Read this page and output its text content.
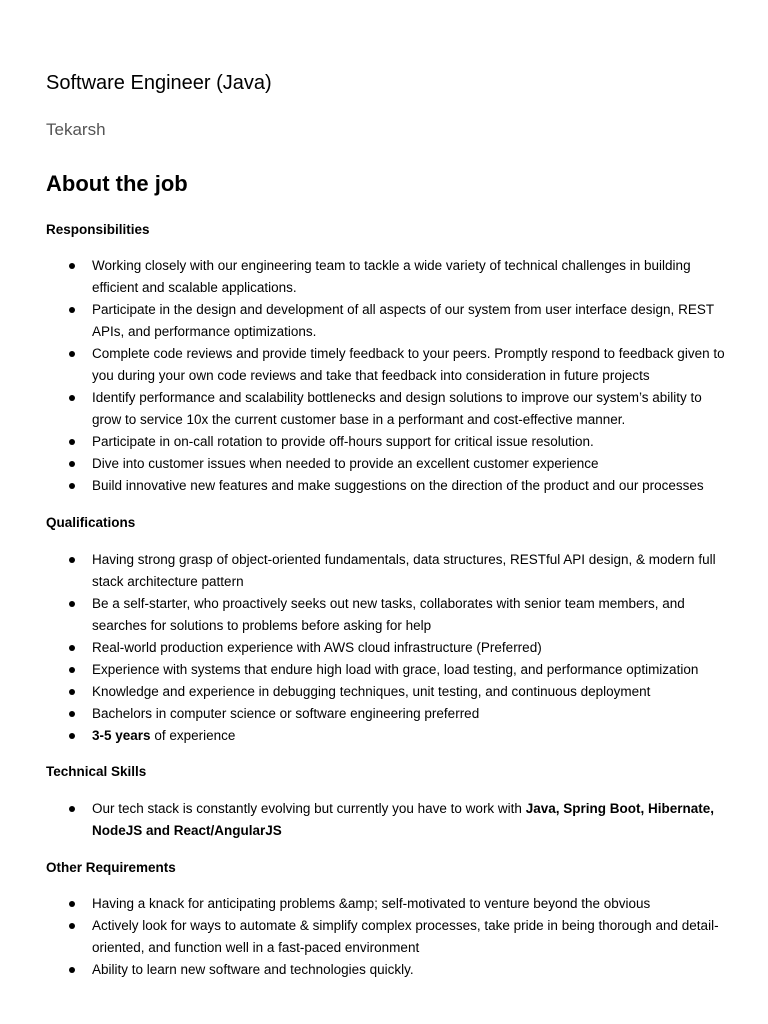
Software Engineer (Java)
Tekarsh
About the job
Responsibilities
Working closely with our engineering team to tackle a wide variety of technical challenges in building efficient and scalable applications.
Participate in the design and development of all aspects of our system from user interface design, REST APIs, and performance optimizations.
Complete code reviews and provide timely feedback to your peers. Promptly respond to feedback given to you during your own code reviews and take that feedback into consideration in future projects
Identify performance and scalability bottlenecks and design solutions to improve our system’s ability to grow to service 10x the current customer base in a performant and cost-effective manner.
Participate in on-call rotation to provide off-hours support for critical issue resolution.
Dive into customer issues when needed to provide an excellent customer experience
Build innovative new features and make suggestions on the direction of the product and our processes
Qualifications
Having strong grasp of object-oriented fundamentals, data structures, RESTful API design, & modern full stack architecture pattern
Be a self-starter, who proactively seeks out new tasks, collaborates with senior team members, and searches for solutions to problems before asking for help
Real-world production experience with AWS cloud infrastructure (Preferred)
Experience with systems that endure high load with grace, load testing, and performance optimization
Knowledge and experience in debugging techniques, unit testing, and continuous deployment
Bachelors in computer science or software engineering preferred
3-5 years of experience
Technical Skills
Our tech stack is constantly evolving but currently you have to work with Java, Spring Boot, Hibernate, NodeJS and React/AngularJS
Other Requirements
Having a knack for anticipating problems &amp; self-motivated to venture beyond the obvious
Actively look for ways to automate & simplify complex processes, take pride in being thorough and detail-oriented, and function well in a fast-paced environment
Ability to learn new software and technologies quickly.
